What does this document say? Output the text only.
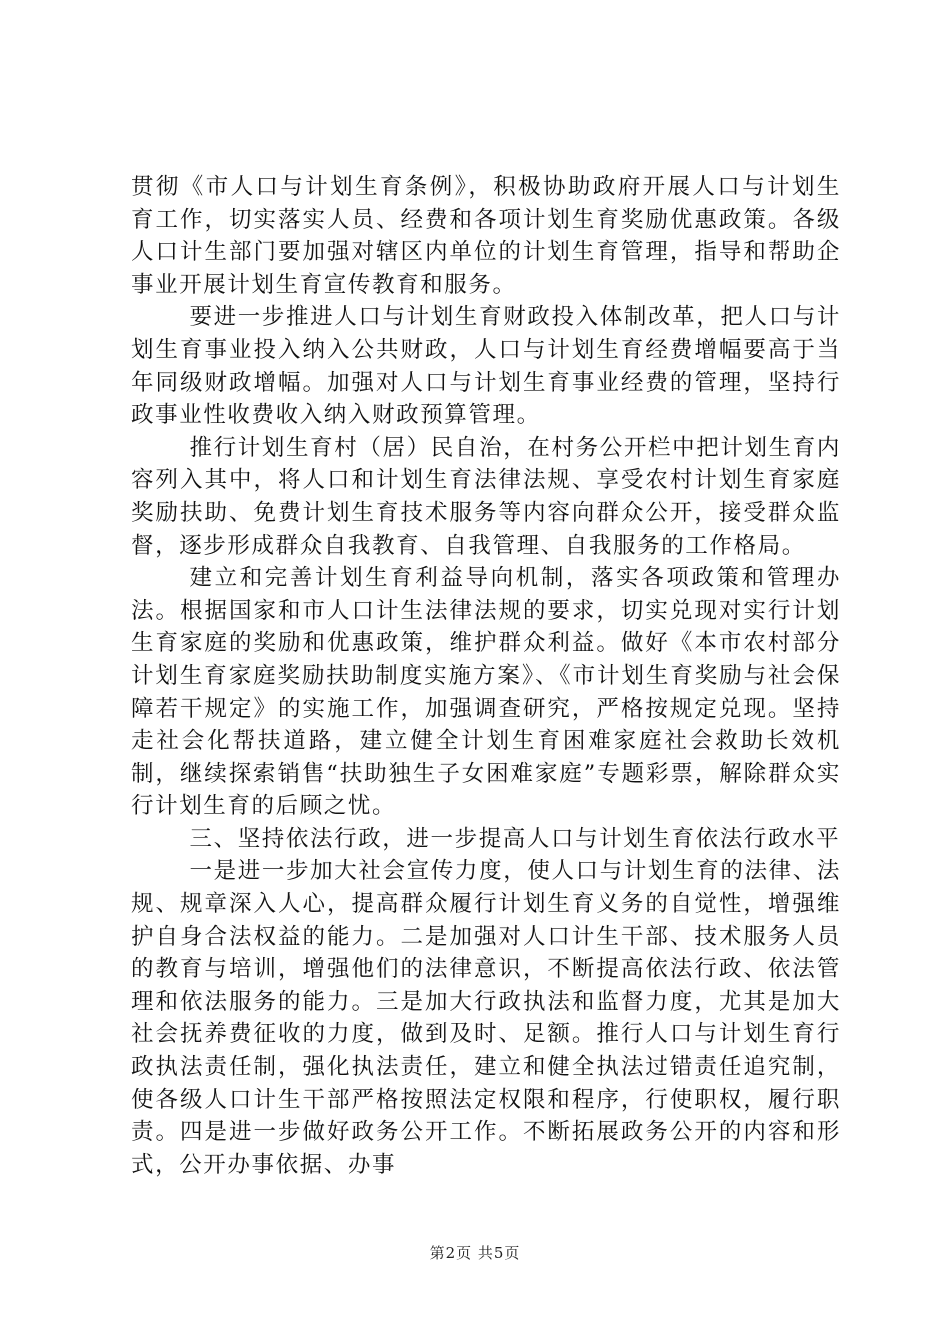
贯彻《市人口与计划生育条例》，积极协助政府开展人口与计划生育工作，切实落实人员、经费和各项计划生育奖励优惠政策。各级人口计生部门要加强对辖区内单位的计划生育管理，指导和帮助企事业开展计划生育宣传教育和服务。

要进一步推进人口与计划生育财政投入体制改革，把人口与计划生育事业投入纳入公共财政，人口与计划生育经费增幅要高于当年同级财政增幅。加强对人口与计划生育事业经费的管理，坚持行政事业性收费收入纳入财政预算管理。

推行计划生育村（居）民自治，在村务公开栏中把计划生育内容列入其中，将人口和计划生育法律法规、享受农村计划生育家庭奖励扶助、免费计划生育技术服务等内容向群众公开，接受群众监督，逐步形成群众自我教育、自我管理、自我服务的工作格局。

建立和完善计划生育利益导向机制，落实各项政策和管理办法。根据国家和市人口计生法律法规的要求，切实兑现对实行计划生育家庭的奖励和优惠政策，维护群众利益。做好《本市农村部分计划生育家庭奖励扶助制度实施方案》、《市计划生育奖励与社会保障若干规定》的实施工作，加强调查研究，严格按规定兑现。坚持走社会化帮扶道路，建立健全计划生育困难家庭社会救助长效机制，继续探索销售“扶助独生子女困难家庭”专题彩票，解除群众实行计划生育的后顾之忧。

三、坚持依法行政，进一步提高人口与计划生育依法行政水平

一是进一步加大社会宣传力度，使人口与计划生育的法律、法规、规章深入人心，提高群众履行计划生育义务的自觉性，增强维护自身合法权益的能力。二是加强对人口计生干部、技术服务人员的教育与培训，增强他们的法律意识，不断提高依法行政、依法管理和依法服务的能力。三是加大行政执法和监督力度，尤其是加大社会抚养费征收的力度，做到及时、足额。推行人口与计划生育行政执法责任制，强化执法责任，建立和健全执法过错责任追究制，使各级人口计生干部严格按照法定权限和程序，行使职权，履行职责。四是进一步做好政务公开工作。不断拓展政务公开的内容和形式，公开办事依据、办事

第2页 共5页
